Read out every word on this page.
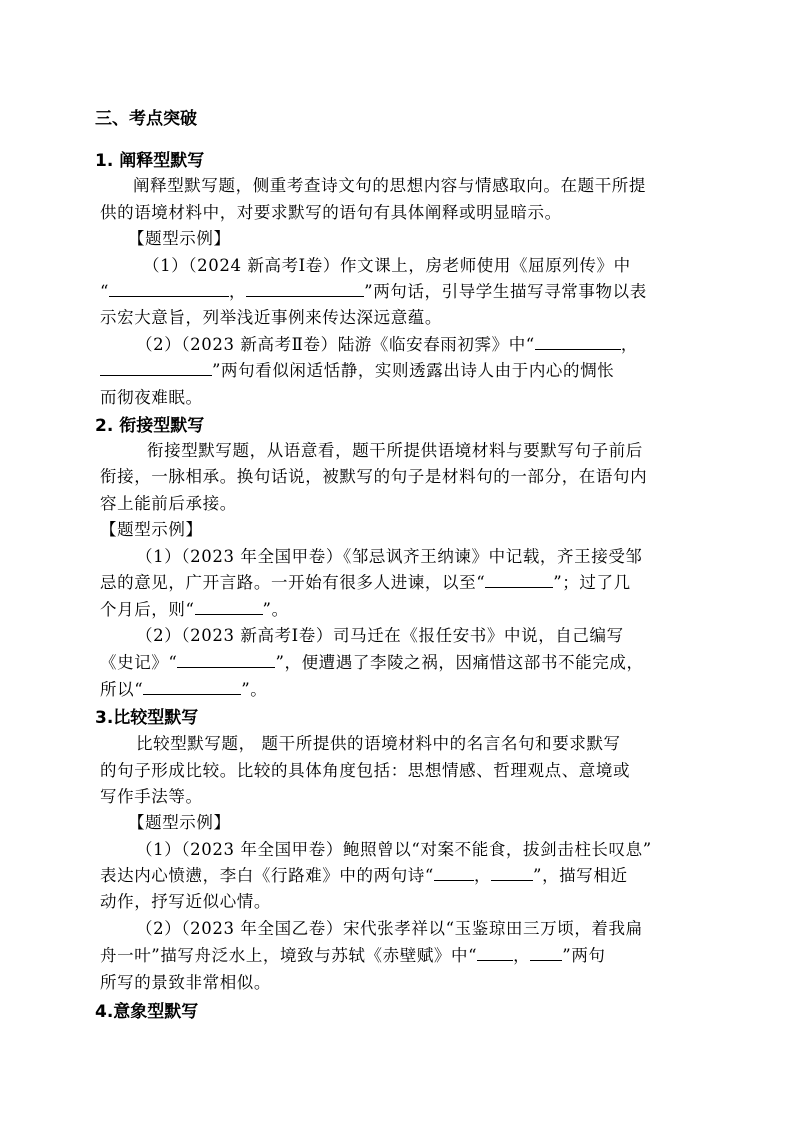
三、考点突破
1. 阐释型默写
阐释型默写题，侧重考查诗文句的思想内容与情感取向。在题干所提
供的语境材料中，对要求默写的语句有具体阐释或明显暗示。
【题型示例】
（1）（2024 新高考Ⅰ卷）作文课上，房老师使用《屈原列传》中
“	，	”两句话，引导学生描写寻常事物以表
示宏大意旨，列举浅近事例来传达深远意蕴。
（2）（2023 新高考Ⅱ卷）陆游《临安春雨初霁》中“	，
”两句看似闲适恬静，实则透露出诗人由于内心的惆怅
而彻夜难眠。
2. 衔接型默写
衔接型默写题，从语意看，题干所提供语境材料与要默写句子前后
衔接，一脉相承。换句话说，被默写的句子是材料句的一部分，在语句内
容上能前后承接。
【题型示例】
（1）（2023 年全国甲卷）《邹忌讽齐王纳谏》中记载，齐王接受邹
忌的意见，广开言路。一开始有很多人进谏，以至“	”；过了几
个月后，则“	”。
（2）（2023 新高考Ⅰ卷）司马迁在《报任安书》中说，自己编写
《史记》“	”，便遭遇了李陵之祸，因痛惜这部书不能完成，
所以“	”。
3.比较型默写
比较型默写题， 题干所提供的语境材料中的名言名句和要求默写
的句子形成比较。比较的具体角度包括：思想情感、哲理观点、意境或
写作手法等。
【题型示例】
（1）（2023 年全国甲卷）鲍照曾以“对案不能食，拔剑击柱长叹息”
表达内心愤懑，李白《行路难》中的两句诗“ ，	”，描写相近
动作，抒写近似心情。
（2）（2023 年全国乙卷）宋代张孝祥以“玉鉴琼田三万顷，着我扁
舟一叶”描写舟泛水上，境致与苏轼《赤壁赋》中“ ， ”两句
所写的景致非常相似。
4.意象型默写
